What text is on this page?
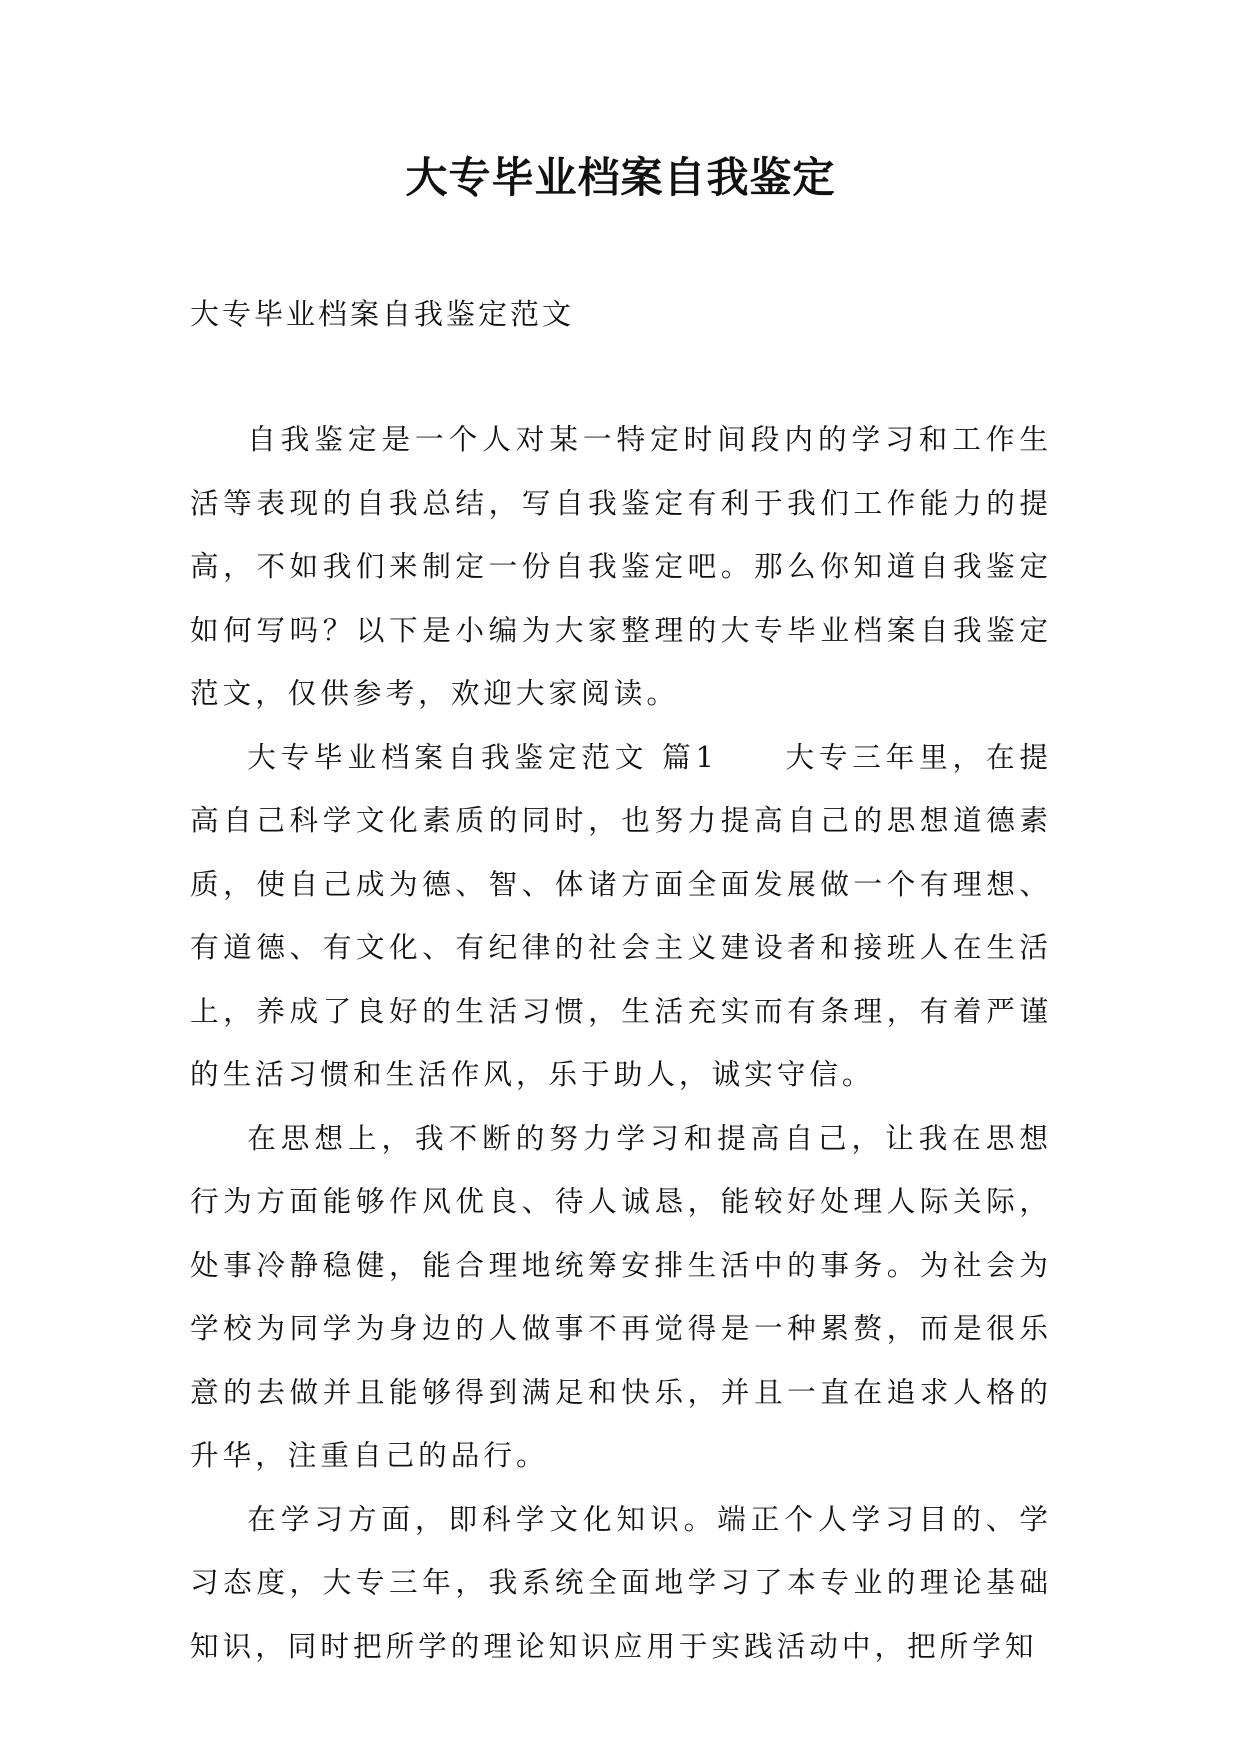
大专毕业档案自我鉴定
大专毕业档案自我鉴定范文

自我鉴定是一个人对某一特定时间段内的学习和工作生活等表现的自我总结，写自我鉴定有利于我们工作能力的提高，不如我们来制定一份自我鉴定吧。那么你知道自我鉴定如何写吗？以下是小编为大家整理的大专毕业档案自我鉴定范文，仅供参考，欢迎大家阅读。

大专毕业档案自我鉴定范文 篇1　　大专三年里，在提高自己科学文化素质的同时，也努力提高自己的思想道德素质，使自己成为德、智、体诸方面全面发展做一个有理想、有道德、有文化、有纪律的社会主义建设者和接班人在生活上，养成了良好的生活习惯，生活充实而有条理，有着严谨的生活习惯和生活作风，乐于助人，诚实守信。

在思想上，我不断的努力学习和提高自己，让我在思想行为方面能够作风优良、待人诚恳，能较好处理人际关际，处事冷静稳健，能合理地统筹安排生活中的事务。为社会为学校为同学为身边的人做事不再觉得是一种累赘，而是很乐意的去做并且能够得到满足和快乐，并且一直在追求人格的升华，注重自己的品行。

在学习方面，即科学文化知识。端正个人学习目的、学习态度，大专三年，我系统全面地学习了本专业的理论基础知识，同时把所学的理论知识应用于实践活动中，把所学知
